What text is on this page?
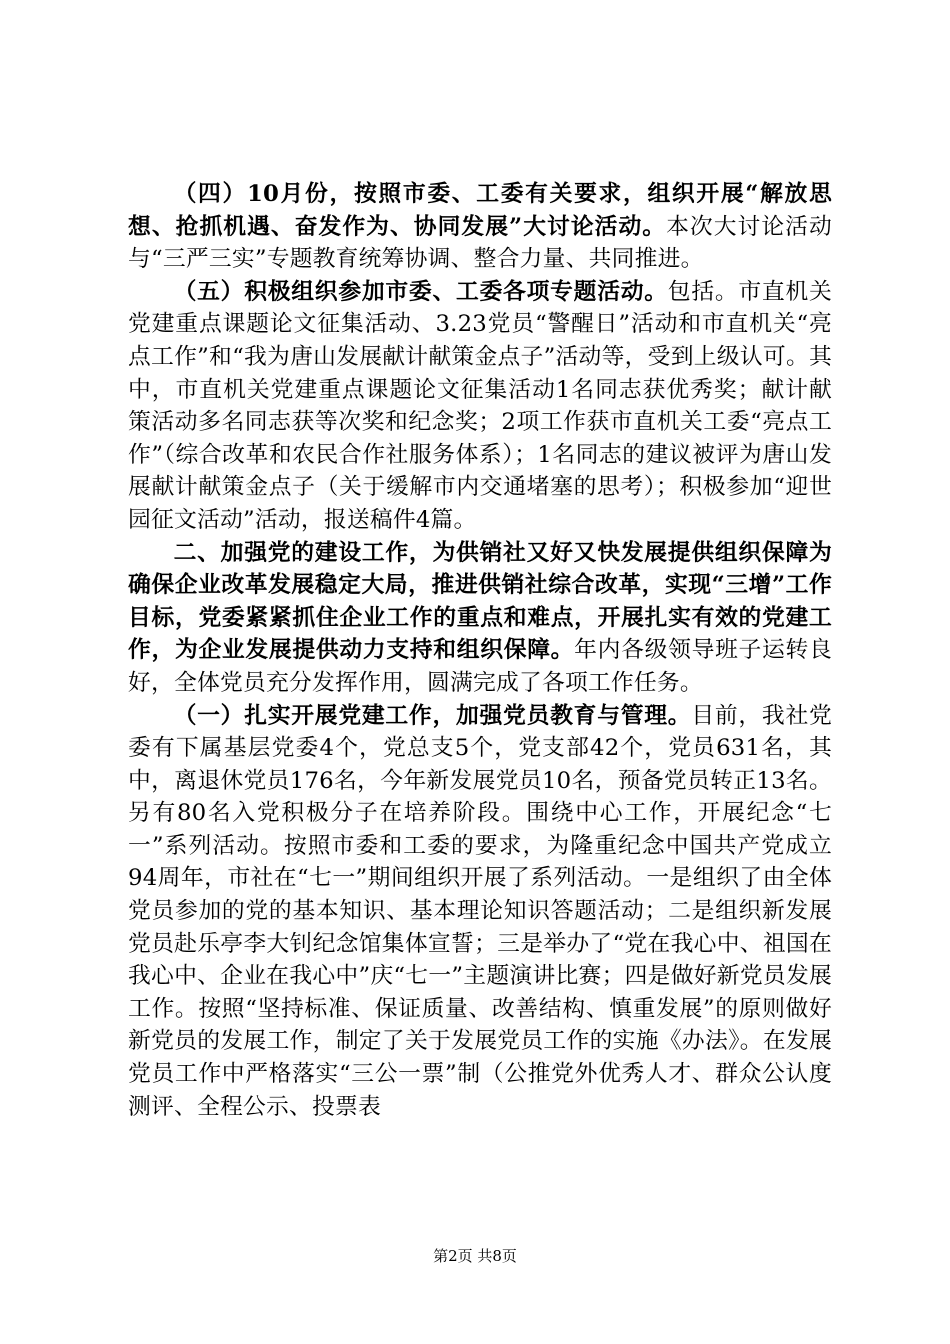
（四）10月份，按照市委、工委有关要求，组织开展“解放思想、抢抓机遇、奋发作为、协同发展”大讨论活动。本次大讨论活动与“三严三实”专题教育统筹协调、整合力量、共同推进。

（五）积极组织参加市委、工委各项专题活动。包括。市直机关党建重点课题论文征集活动、3.23党员“警醒日”活动和市直机关“亮点工作”和“我为唐山发展献计献策金点子”活动等，受到上级认可。其中，市直机关党建重点课题论文征集活动1名同志获优秀奖；献计献策活动多名同志获等次奖和纪念奖；2项工作获市直机关工委“亮点工作”（综合改革和农民合作社服务体系）；1名同志的建议被评为唐山发展献计献策金点子（关于缓解市内交通堵塞的思考）；积极参加“迎世园征文活动”活动，报送稿件4篇。

二、加强党的建设工作，为供销社又好又快发展提供组织保障为确保企业改革发展稳定大局，推进供销社综合改革，实现“三增”工作目标，党委紧紧抓住企业工作的重点和难点，开展扎实有效的党建工作，为企业发展提供动力支持和组织保障。年内各级领导班子运转良好，全体党员充分发挥作用，圆满完成了各项工作任务。

（一）扎实开展党建工作，加强党员教育与管理。目前，我社党委有下属基层党委4个，党总支5个，党支部42个，党员631名，其中，离退休党员176名，今年新发展党员10名，预备党员转正13名。另有80名入党积极分子在培养阶段。围绕中心工作，开展纪念“七一”系列活动。按照市委和工委的要求，为隆重纪念中国共产党成立94周年，市社在“七一”期间组织开展了系列活动。一是组织了由全体党员参加的党的基本知识、基本理论知识答题活动；二是组织新发展党员赴乐亭李大钊纪念馆集体宣誓；三是举办了“党在我心中、祖国在我心中、企业在我心中”庆“七一”主题演讲比赛；四是做好新党员发展工作。按照“坚持标准、保证质量、改善结构、慎重发展”的原则做好新党员的发展工作，制定了关于发展党员工作的实施《办法》。在发展党员工作中严格落实“三公一票”制（公推党外优秀人才、群众公认度测评、全程公示、投票表

第2页 共8页
